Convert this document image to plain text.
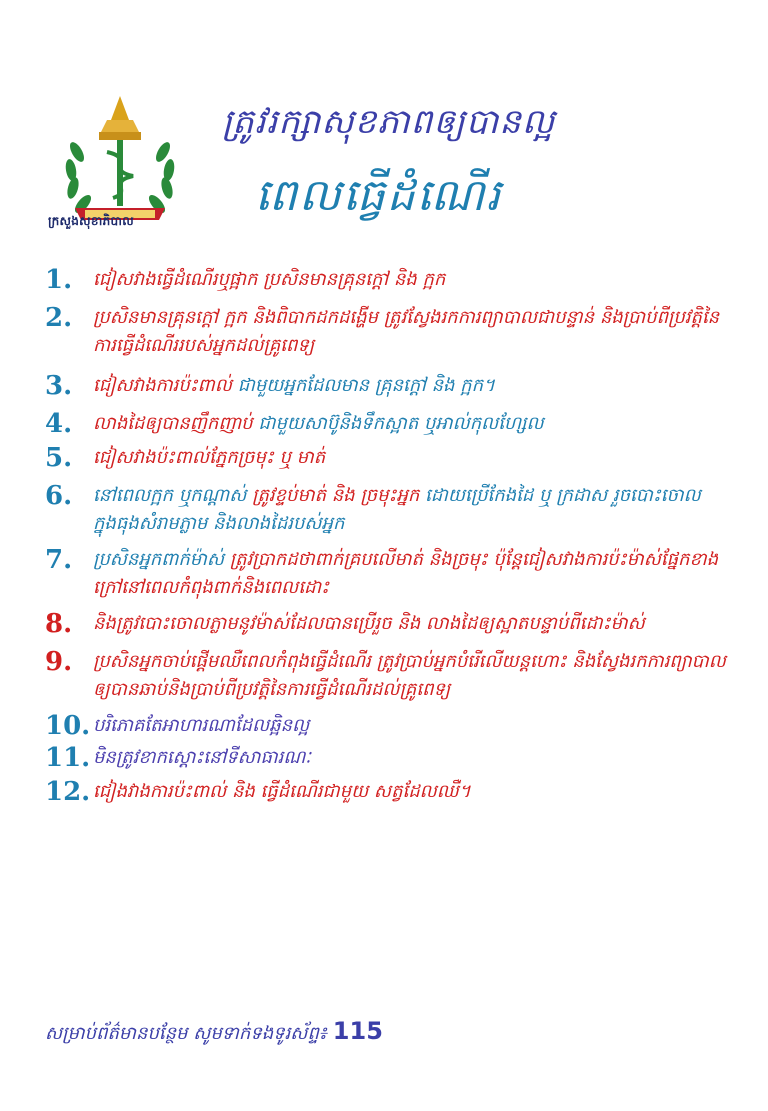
ក្រសួងសុខាភិបាល
ត្រូវរក្សាសុខភាពឲ្យបានល្អ
ពេលធ្វើដំណើរ
1.	ជៀសវាងធ្វើដំណើរឬផ្អាក ប្រសិនមានគ្រុនក្តៅ និង ក្អក
2.	ប្រសិនមានគ្រុនក្តៅ ក្អក និងពិបាកដកដង្ហើម ត្រូវស្វែងរកការព្យាបាលជាបន្ទាន់ និងប្រាប់ពីប្រវត្តិនៃការធ្វើដំណើររបស់អ្នកដល់គ្រូពេទ្យ
3.	ជៀសវាងការប៉ះពាល់ ជាមួយអ្នកដែលមាន គ្រុនក្តៅ និង ក្អក។
4.	លាងដៃឲ្យបានញឹកញាប់ ជាមួយសាប៊ូនិងទឹកស្អាត ឬអាល់កុលហ្សែល
5.	ជៀសវាងប៉ះពាល់ភ្នែកច្រមុះ ឬ មាត់
6.	នៅពេលក្អក ឬកណ្តាស់ ត្រូវខ្ទប់មាត់ និង ច្រមុះអ្នក ដោយប្រើកែងដៃ ឬ ក្រដាស រួចបោះចោលក្នុងធុងសំរាមភ្លាម និងលាងដៃរបស់អ្នក
7.	ប្រសិនអ្នកពាក់ម៉ាស់ ត្រូវប្រាកដថាពាក់គ្របលើមាត់ និងច្រមុះ ប៉ុន្តែជៀសវាងការប៉ះម៉ាស់ផ្នែកខាងក្រៅនៅពេលកំពុងពាក់និងពេលដោះ
8.	និងត្រូវបោះចោលភ្លាមនូវម៉ាស់ដែលបានប្រើរួច និង លាងដៃឲ្យស្អាតបន្ទាប់ពីដោះម៉ាស់
9.	ប្រសិនអ្នកចាប់ផ្តើមឈឺពេលកំពុងធ្វើដំណើរ ត្រូវប្រាប់អ្នកបំរើលើយន្តហោះ និងស្វែងរកការព្យាបាលឲ្យបានឆាប់និងប្រាប់ពីប្រវត្តិនៃការធ្វើដំណើរដល់គ្រូពេទ្យ
10. បរិភោគតែអាហារណាដែលឆ្អិនល្អ
11. មិនត្រូវខាកស្តោះនៅទីសាធារណៈ
12. ជៀងវាងការប៉ះពាល់ និង ធ្វើដំណើរជាមួយ សត្វដែលឈឺ។
សម្រាប់ព័ត៌មានបន្ថែម សូមទាក់ទងទូរស័ព្ទ៖ 115
